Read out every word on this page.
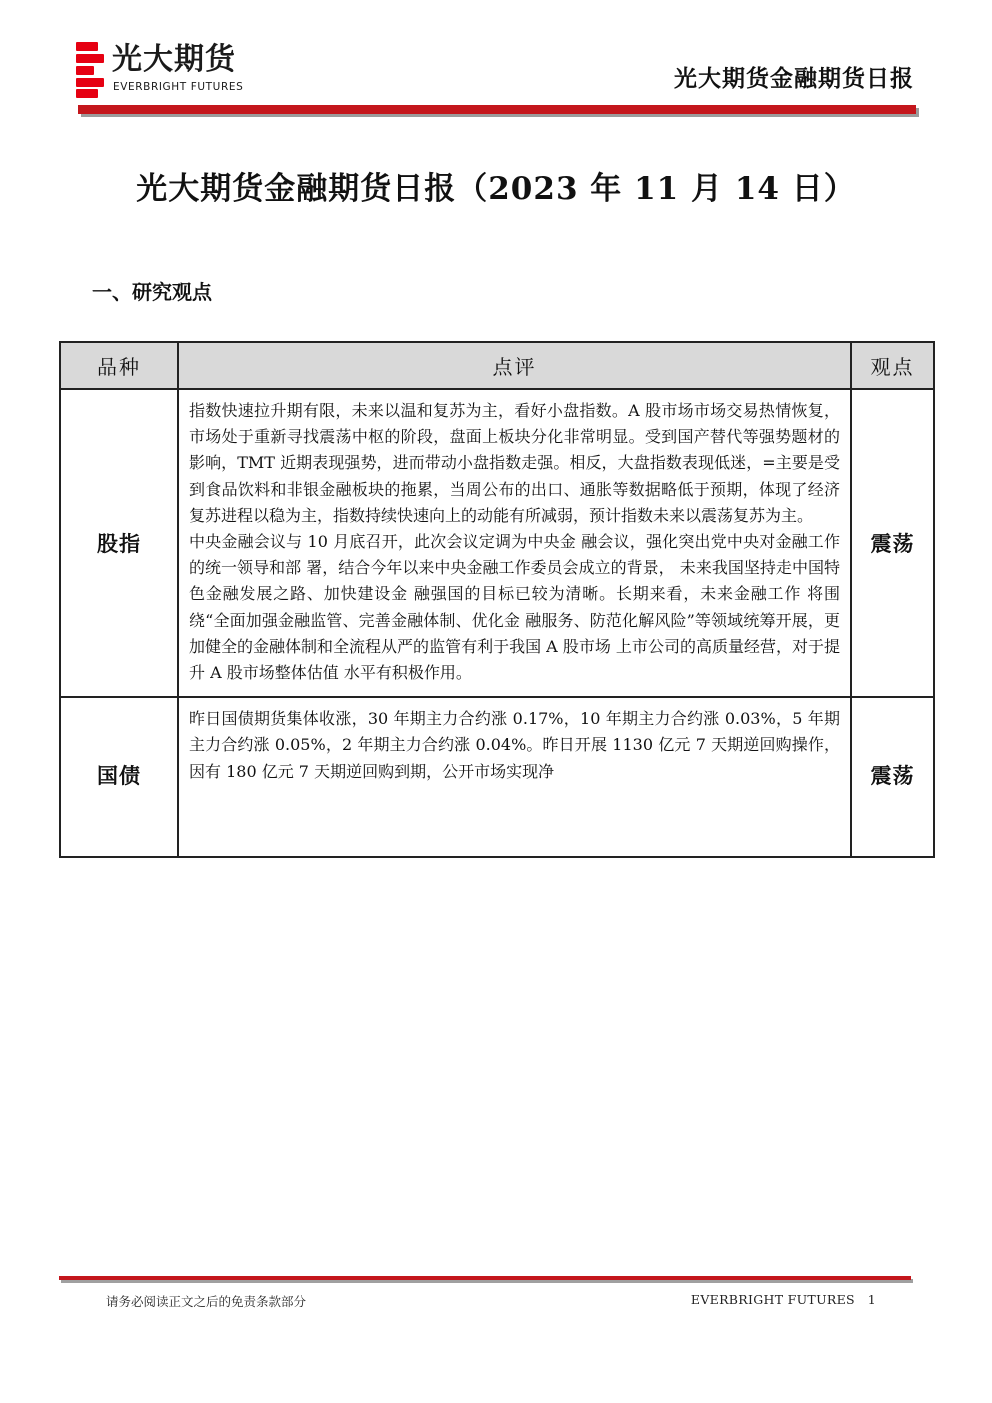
光大期货
EVERBRIGHT FUTURES	光大期货金融期货日报
光大期货金融期货日报（2023 年 11 月 14 日）
一、研究观点
品种	点评	观点
股指	指数快速拉升期有限，未来以温和复苏为主，看好小盘指数。A 股市场市场交易热情恢复，市场处于重新寻找震荡中枢的阶段，盘面上板块分化非常明显。受到国产替代等强势题材的影响，TMT 近期表现强势，进而带动小盘指数走强。相反，大盘指数表现低迷，=主要是受到食品饮料和非银金融板块的拖累，当周公布的出口、通胀等数据略低于预期，体现了经济复苏进程以稳为主，指数持续快速向上的动能有所减弱，预计指数未来以震荡复苏为主。

中央金融会议与 10 月底召开，此次会议定调为中央金 融会议，强化突出党中央对金融工作的统一领导和部 署，结合今年以来中央金融工作委员会成立的背景， 未来我国坚持走中国特色金融发展之路、加快建设金 融强国的目标已较为清晰。长期来看，未来金融工作 将围绕“全面加强金融监管、完善金融体制、优化金 融服务、防范化解风险”等领域统筹开展，更加健全的金融体制和全流程从严的监管有利于我国 A 股市场 上市公司的高质量经营，对于提升 A 股市场整体估值 水平有积极作用。	震荡
国债	昨日国债期货集体收涨，30 年期主力合约涨 0.17%，10 年期主力合约涨 0.03%，5 年期主力合约涨 0.05%，2 年期主力合约涨 0.04%。昨日开展 1130 亿元 7 天期逆回购操作，因有 180 亿元 7 天期逆回购到期，公开市场实现净	震荡
请务必阅读正文之后的免责条款部分	EVERBRIGHT FUTURES 1
